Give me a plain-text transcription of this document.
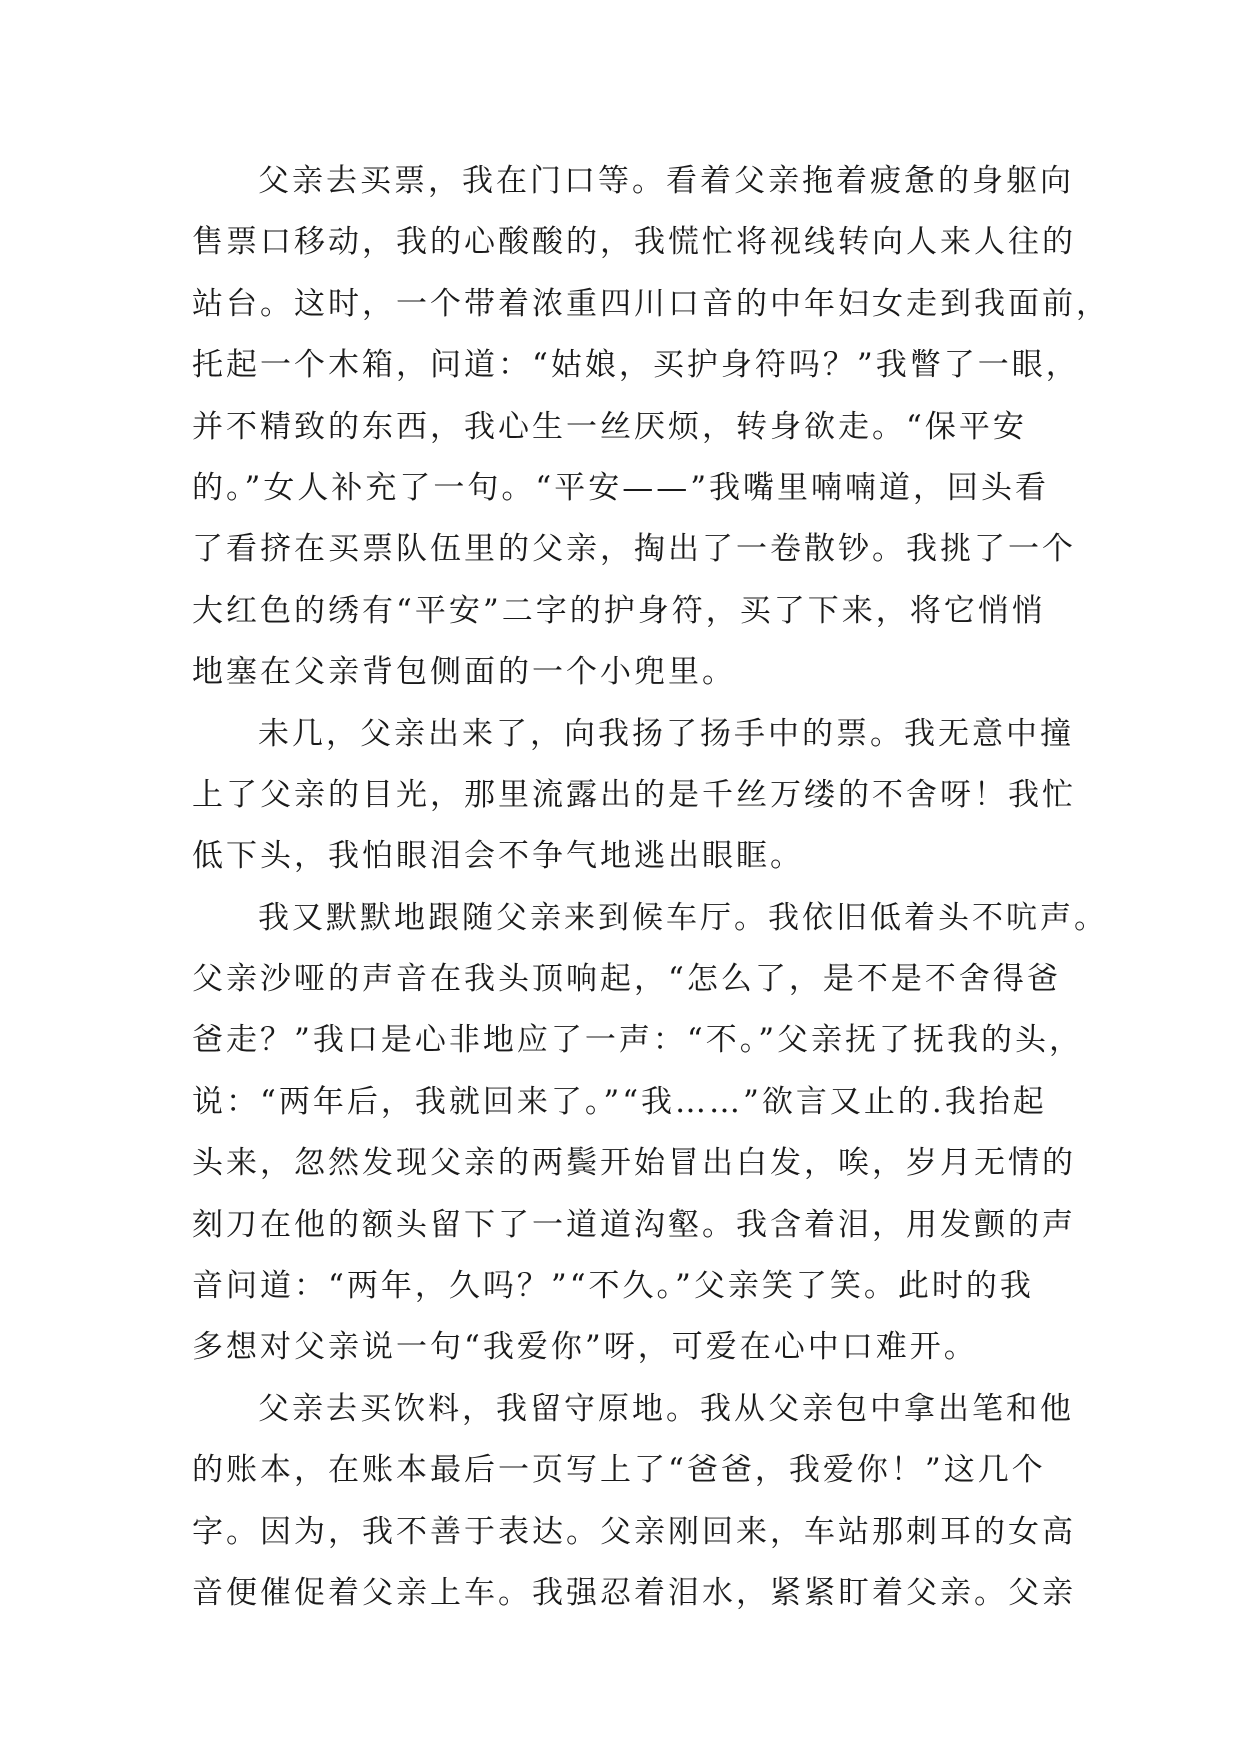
父亲去买票，我在门口等。看着父亲拖着疲惫的身躯向
售票口移动，我的心酸酸的，我慌忙将视线转向人来人往的
站台。这时，一个带着浓重四川口音的中年妇女走到我面前，
托起一个木箱，问道：“姑娘，买护身符吗？”我瞥了一眼，
并不精致的东西，我心生一丝厌烦，转身欲走。“保平安
的。”女人补充了一句。“平安——”我嘴里喃喃道，回头看
了看挤在买票队伍里的父亲，掏出了一卷散钞。我挑了一个
大红色的绣有“平安”二字的护身符，买了下来，将它悄悄
地塞在父亲背包侧面的一个小兜里。
未几，父亲出来了，向我扬了扬手中的票。我无意中撞
上了父亲的目光，那里流露出的是千丝万缕的不舍呀！我忙
低下头，我怕眼泪会不争气地逃出眼眶。
我又默默地跟随父亲来到候车厅。我依旧低着头不吭声。
父亲沙哑的声音在我头顶响起，“怎么了，是不是不舍得爸
爸走？”我口是心非地应了一声：“不。”父亲抚了抚我的头，
说：“两年后，我就回来了。”“我……”欲言又止的.我抬起
头来，忽然发现父亲的两鬓开始冒出白发，唉，岁月无情的
刻刀在他的额头留下了一道道沟壑。我含着泪，用发颤的声
音问道：“两年，久吗？”“不久。”父亲笑了笑。此时的我
多想对父亲说一句“我爱你”呀，可爱在心中口难开。
父亲去买饮料，我留守原地。我从父亲包中拿出笔和他
的账本，在账本最后一页写上了“爸爸，我爱你！”这几个
字。因为，我不善于表达。父亲刚回来，车站那刺耳的女高
音便催促着父亲上车。我强忍着泪水，紧紧盯着父亲。父亲
